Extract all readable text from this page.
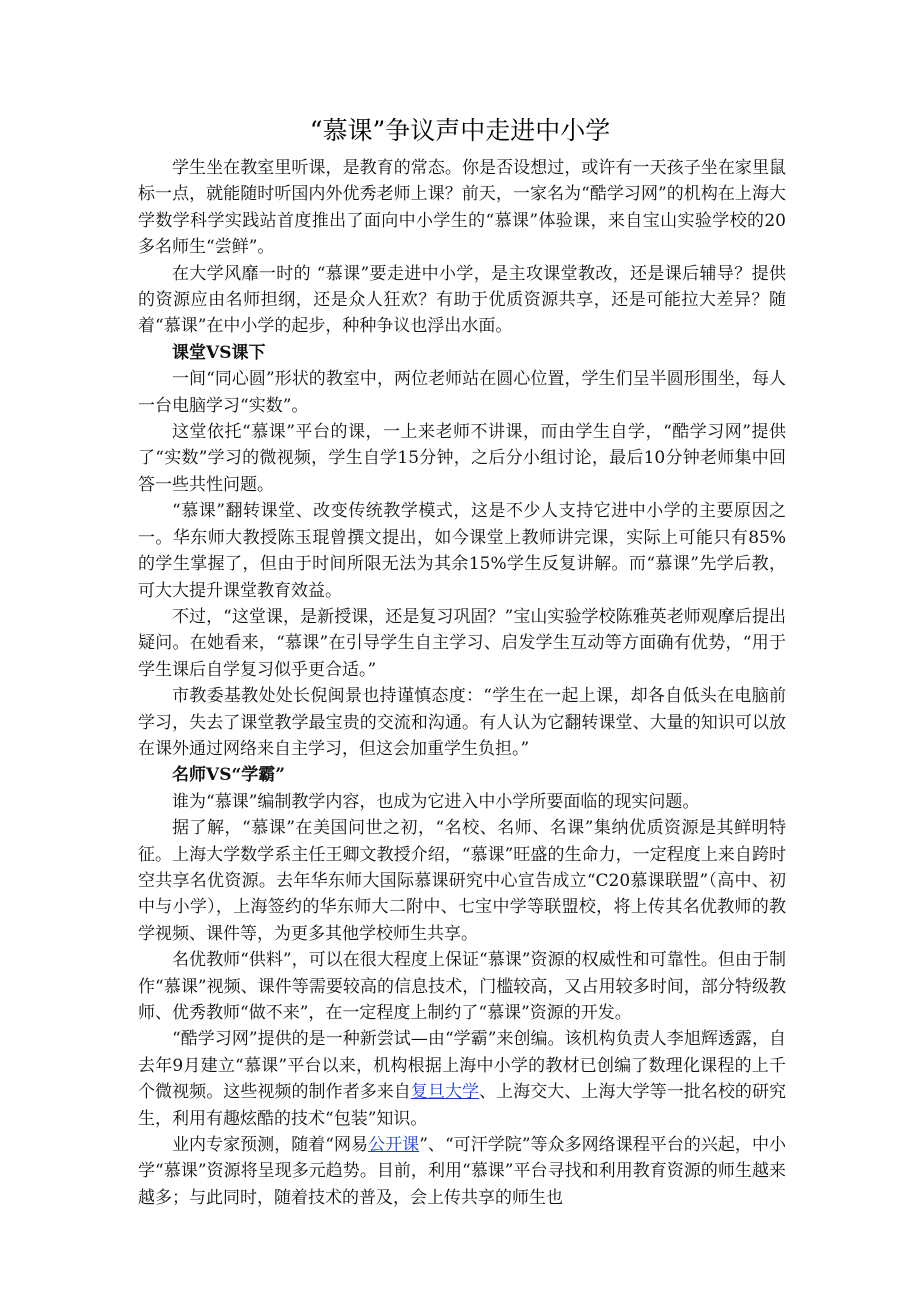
“慕课”争议声中走进中小学

学生坐在教室里听课，是教育的常态。你是否设想过，或许有一天孩子坐在家里鼠标一点，就能随时听国内外优秀老师上课？前天，一家名为“酷学习网”的机构在上海大学数学科学实践站首度推出了面向中小学生的“慕课”体验课，来自宝山实验学校的20多名师生“尝鲜”。

在大学风靡一时的 “慕课”要走进中小学，是主攻课堂教改，还是课后辅导？提供的资源应由名师担纲，还是众人狂欢？有助于优质资源共享，还是可能拉大差异？随着“慕课”在中小学的起步，种种争议也浮出水面。

课堂VS课下

一间“同心圆”形状的教室中，两位老师站在圆心位置，学生们呈半圆形围坐，每人一台电脑学习“实数”。

这堂依托“慕课”平台的课，一上来老师不讲课，而由学生自学，“酷学习网”提供了“实数”学习的微视频，学生自学15分钟，之后分小组讨论，最后10分钟老师集中回答一些共性问题。

“慕课”翻转课堂、改变传统教学模式，这是不少人支持它进中小学的主要原因之一。华东师大教授陈玉琨曾撰文提出，如今课堂上教师讲完课，实际上可能只有85%的学生掌握了，但由于时间所限无法为其余15%学生反复讲解。而“慕课”先学后教，可大大提升课堂教育效益。

不过，“这堂课，是新授课，还是复习巩固？”宝山实验学校陈雅英老师观摩后提出疑问。在她看来，“慕课”在引导学生自主学习、启发学生互动等方面确有优势，“用于学生课后自学复习似乎更合适。”

市教委基教处处长倪闽景也持谨慎态度：“学生在一起上课，却各自低头在电脑前学习，失去了课堂教学最宝贵的交流和沟通。有人认为它翻转课堂、大量的知识可以放在课外通过网络来自主学习，但这会加重学生负担。”

名师VS“学霸”

谁为“慕课”编制教学内容，也成为它进入中小学所要面临的现实问题。

据了解，“慕课”在美国问世之初，“名校、名师、名课”集纳优质资源是其鲜明特征。上海大学数学系主任王卿文教授介绍，“慕课”旺盛的生命力，一定程度上来自跨时空共享名优资源。去年华东师大国际慕课研究中心宣告成立“C20慕课联盟”（高中、初中与小学），上海签约的华东师大二附中、七宝中学等联盟校，将上传其名优教师的教学视频、课件等，为更多其他学校师生共享。

名优教师“供料”，可以在很大程度上保证“慕课”资源的权威性和可靠性。但由于制作“慕课”视频、课件等需要较高的信息技术，门槛较高，又占用较多时间，部分特级教师、优秀教师“做不来”，在一定程度上制约了“慕课”资源的开发。

“酷学习网”提供的是一种新尝试—由“学霸”来创编。该机构负责人李旭辉透露，自去年9月建立“慕课”平台以来，机构根据上海中小学的教材已创编了数理化课程的上千个微视频。这些视频的制作者多来自复旦大学、上海交大、上海大学等一批名校的研究生，利用有趣炫酷的技术“包装”知识。

业内专家预测，随着“网易公开课”、“可汗学院”等众多网络课程平台的兴起，中小学“慕课”资源将呈现多元趋势。目前，利用“慕课”平台寻找和利用教育资源的师生越来越多；与此同时，随着技术的普及，会上传共享的师生也
